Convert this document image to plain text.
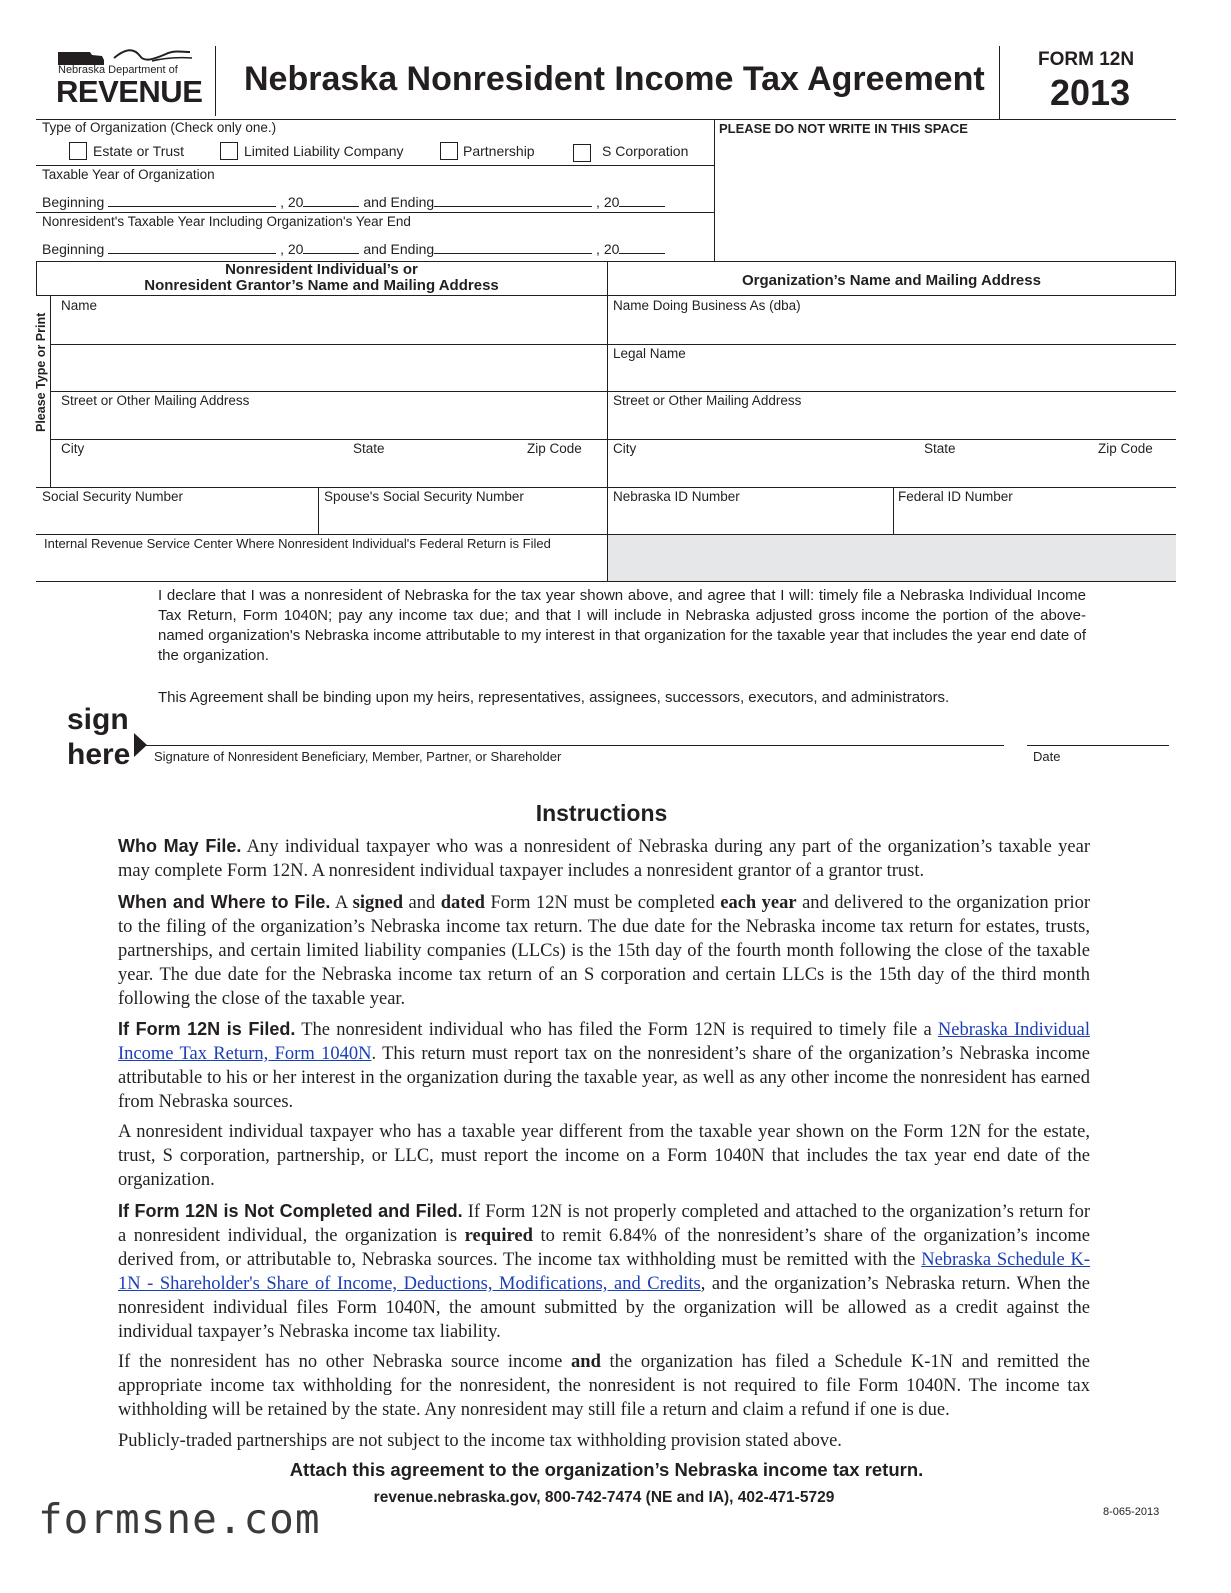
Nebraska Department of
REVENUE Nebraska Nonresident Income Tax Agreement
FORM 12N
2013
Type of Organization (Check only one.)
Estate or Trust	Limited Liability Company	Partnership	S Corporation
PLEASE DO NOT WRITE IN THIS SPACE
Taxable Year of Organization
Beginning	, 20	and Ending	, 20
Nonresident's Taxable Year Including Organization's Year End
Beginning	, 20	and Ending	, 20
Nonresident Individual’s or
Nonresident Grantor’s Name and Mailing Address	Organization’s Name and Mailing Address
Please Type or Print
Name
Street or Other Mailing Address
City	State	Zip Code
Social Security Number	Spouse's Social Security Number
Internal Revenue Service Center Where Nonresident Individual's Federal Return is Filed
Name Doing Business As (dba)
Legal Name
Street or Other Mailing Address
City	State	Zip Code
Nebraska ID Number	Federal ID Number
I declare that I was a nonresident of Nebraska for the tax year shown above, and agree that I will: timely file a Nebraska Individual Income Tax Return, Form 1040N; pay any income tax due; and that I will include in Nebraska adjusted gross income the portion of the above-named organization's Nebraska income attributable to my interest in that organization for the taxable year that includes the year end date of the organization.
This Agreement shall be binding upon my heirs, representatives, assignees, successors, executors, and administrators.
sign
here Signature of Nonresident Beneficiary, Member, Partner, or Shareholder	Date
Instructions
Who May File. Any individual taxpayer who was a nonresident of Nebraska during any part of the organization’s taxable year may complete Form 12N. A nonresident individual taxpayer includes a nonresident grantor of a grantor trust.
When and Where to File. A signed and dated Form 12N must be completed each year and delivered to the organization prior to the filing of the organization’s Nebraska income tax return. The due date for the Nebraska income tax return for estates, trusts, partnerships, and certain limited liability companies (LLCs) is the 15th day of the fourth month following the close of the taxable year. The due date for the Nebraska income tax return of an S corporation and certain LLCs is the 15th day of the third month following the close of the taxable year.
If Form 12N is Filed. The nonresident individual who has filed the Form 12N is required to timely file a Nebraska Individual Income Tax Return, Form 1040N. This return must report tax on the nonresident’s share of the organization’s Nebraska income attributable to his or her interest in the organization during the taxable year, as well as any other income the nonresident has earned from Nebraska sources.
A nonresident individual taxpayer who has a taxable year different from the taxable year shown on the Form 12N for the estate, trust, S corporation, partnership, or LLC, must report the income on a Form 1040N that includes the tax year end date of the organization.
If Form 12N is Not Completed and Filed. If Form 12N is not properly completed and attached to the organization’s return for a nonresident individual, the organization is required to remit 6.84% of the nonresident’s share of the organization’s income derived from, or attributable to, Nebraska sources. The income tax withholding must be remitted with the Nebraska Schedule K-1N - Shareholder's Share of Income, Deductions, Modifications, and Credits, and the organization’s Nebraska return. When the nonresident individual files Form 1040N, the amount submitted by the organization will be allowed as a credit against the individual taxpayer’s Nebraska income tax liability.
If the nonresident has no other Nebraska source income and the organization has filed a Schedule K-1N and remitted the appropriate income tax withholding for the nonresident, the nonresident is not required to file Form 1040N. The income tax withholding will be retained by the state. Any nonresident may still file a return and claim a refund if one is due.
Publicly-traded partnerships are not subject to the income tax withholding provision stated above.
Attach this agreement to the organization’s Nebraska income tax return.
revenue.nebraska.gov, 800-742-7474 (NE and IA), 402-471-5729
formsne.com	8-065-2013
